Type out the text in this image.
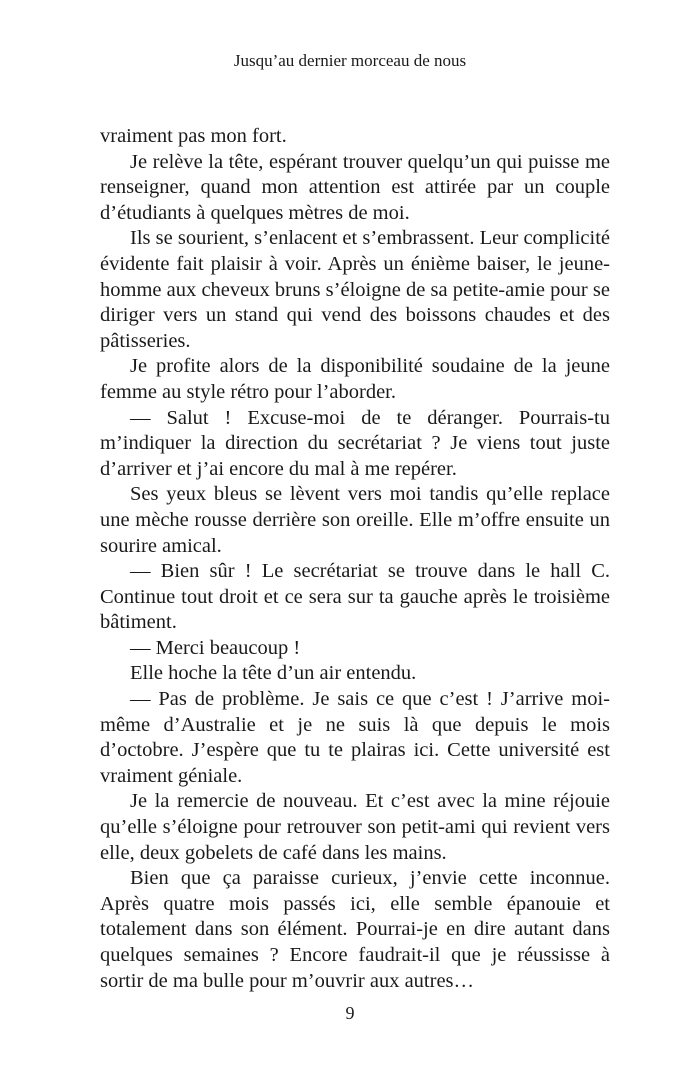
Jusqu’au dernier morceau de nous

vraiment pas mon fort.

Je relève la tête, espérant trouver quelqu’un qui puisse me renseigner, quand mon attention est attirée par un couple d’étudiants à quelques mètres de moi.

Ils se sourient, s’enlacent et s’embrassent. Leur complicité évidente fait plaisir à voir. Après un énième baiser, le jeune-homme aux cheveux bruns s’éloigne de sa petite-amie pour se diriger vers un stand qui vend des boissons chaudes et des pâtisseries.

Je profite alors de la disponibilité soudaine de la jeune femme au style rétro pour l’aborder.

— Salut ! Excuse-moi de te déranger. Pourrais-tu m’indiquer la direction du secrétariat ? Je viens tout juste d’arriver et j’ai encore du mal à me repérer.

Ses yeux bleus se lèvent vers moi tandis qu’elle replace une mèche rousse derrière son oreille. Elle m’offre ensuite un sourire amical.

— Bien sûr ! Le secrétariat se trouve dans le hall C. Continue tout droit et ce sera sur ta gauche après le troisième bâtiment.

— Merci beaucoup !

Elle hoche la tête d’un air entendu.

— Pas de problème. Je sais ce que c’est ! J’arrive moi-même d’Australie et je ne suis là que depuis le mois d’octobre. J’espère que tu te plairas ici. Cette université est vraiment géniale.

Je la remercie de nouveau. Et c’est avec la mine réjouie qu’elle s’éloigne pour retrouver son petit-ami qui revient vers elle, deux gobelets de café dans les mains.

Bien que ça paraisse curieux, j’envie cette inconnue. Après quatre mois passés ici, elle semble épanouie et totalement dans son élément. Pourrai-je en dire autant dans quelques semaines ? Encore faudrait-il que je réussisse à sortir de ma bulle pour m’ouvrir aux autres…

9
